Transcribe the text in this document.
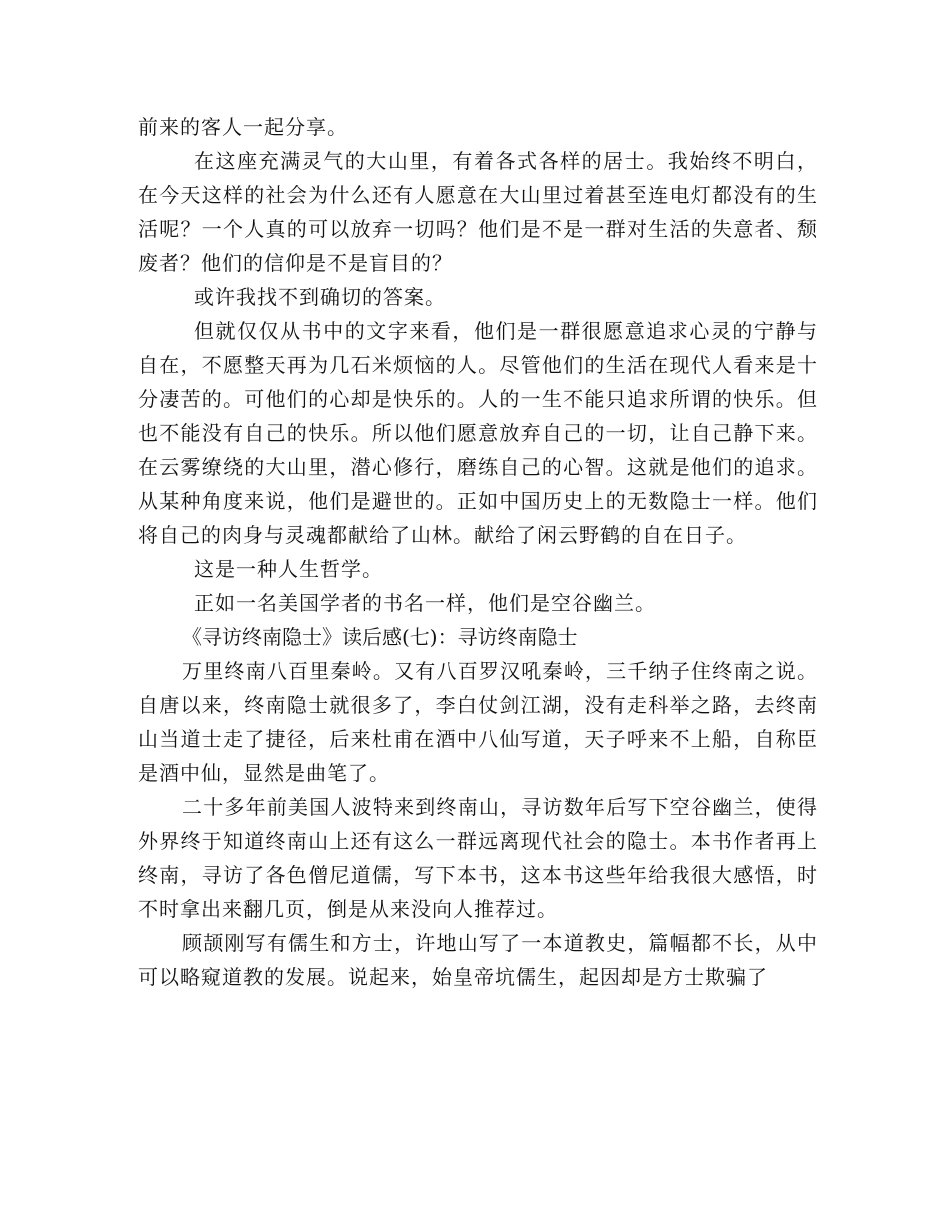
前来的客人一起分享。

在这座充满灵气的大山里，有着各式各样的居士。我始终不明白，在今天这样的社会为什么还有人愿意在大山里过着甚至连电灯都没有的生活呢？一个人真的可以放弃一切吗？他们是不是一群对生活的失意者、颓废者？他们的信仰是不是盲目的？

或许我找不到确切的答案。

但就仅仅从书中的文字来看，他们是一群很愿意追求心灵的宁静与自在，不愿整天再为几石米烦恼的人。尽管他们的生活在现代人看来是十分凄苦的。可他们的心却是快乐的。人的一生不能只追求所谓的快乐。但也不能没有自己的快乐。所以他们愿意放弃自己的一切，让自己静下来。在云雾缭绕的大山里，潜心修行，磨练自己的心智。这就是他们的追求。从某种角度来说，他们是避世的。正如中国历史上的无数隐士一样。他们将自己的肉身与灵魂都献给了山林。献给了闲云野鹤的自在日子。

这是一种人生哲学。

正如一名美国学者的书名一样，他们是空谷幽兰。

《寻访终南隐士》读后感(七)：寻访终南隐士

万里终南八百里秦岭。又有八百罗汉吼秦岭，三千纳子住终南之说。自唐以来，终南隐士就很多了，李白仗剑江湖，没有走科举之路，去终南山当道士走了捷径，后来杜甫在酒中八仙写道，天子呼来不上船，自称臣是酒中仙，显然是曲笔了。

二十多年前美国人波特来到终南山，寻访数年后写下空谷幽兰，使得外界终于知道终南山上还有这么一群远离现代社会的隐士。本书作者再上终南，寻访了各色僧尼道儒，写下本书，这本书这些年给我很大感悟，时不时拿出来翻几页，倒是从来没向人推荐过。

顾颉刚写有儒生和方士，许地山写了一本道教史，篇幅都不长，从中可以略窥道教的发展。说起来，始皇帝坑儒生，起因却是方士欺骗了
